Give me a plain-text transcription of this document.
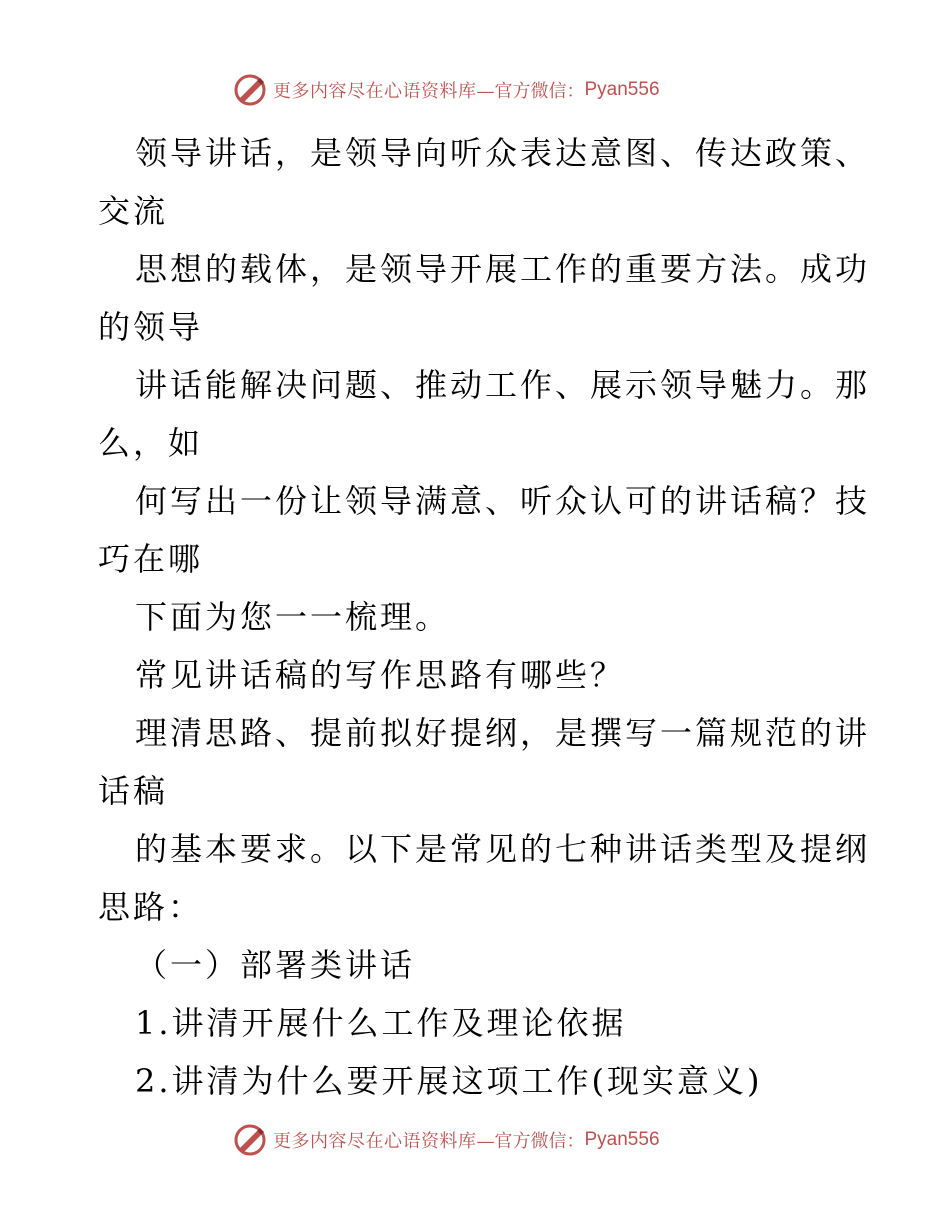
更多内容尽在心语资料库 —官方微信： Pyan556
领导讲话，是领导向听众表达意图、传达政策、
交流
思想的载体，是领导开展工作的重要方法。成功
的领导
讲话能解决问题、推动工作、展示领导魅力。那
么，如
何写出一份让领导满意、听众认可的讲话稿？技
巧在哪
下面为您一一梳理。
常见讲话稿的写作思路有哪些？
理清思路、提前拟好提纲，是撰写一篇规范的讲
话稿
的基本要求。以下是常见的七种讲话类型及提纲
思路：
（一）部署类讲话
1.讲清开展什么工作及理论依据
2.讲清为什么要开展这项工作(现实意义)
更多内容尽在心语资料库 —官方微信： Pyan556
